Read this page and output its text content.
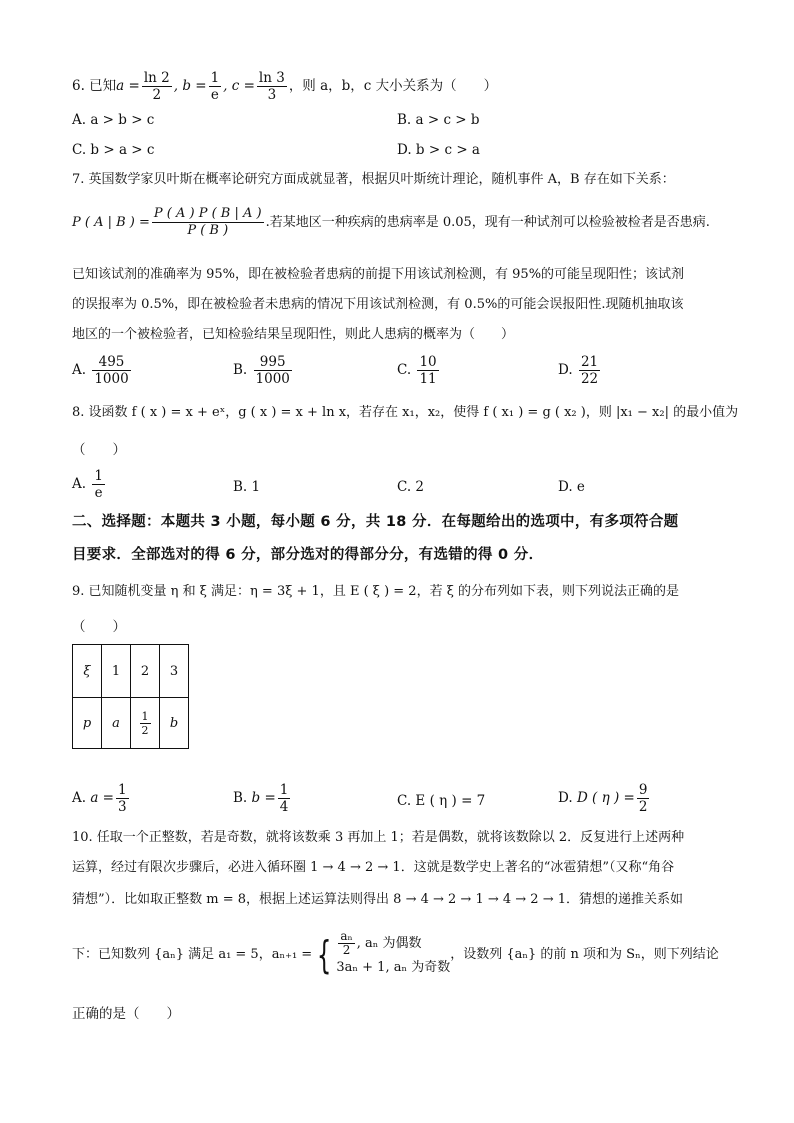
6. 已知$a = \frac{\ln 2}{2}$ , $b = \frac{1}{e}$ , $c = \frac{\ln 3}{3}$ ，则 a，b，c 大小关系为（　　）
A. a > b > c	B. a > c > b
C. b > a > c	D. b > c > a
7. 英国数学家贝叶斯在概率论研究方面成就显著，根据贝叶斯统计理论，随机事件 A，B 存在如下关系：
P ( A | B ) = $\frac{P ( A ) P ( B | A )}{P ( B )}$ .若某地区一种疾病的患病率是 0.05，现有一种试剂可以检验被检者是否患病.
已知该试剂的准确率为 95%，即在被检验者患病的前提下用该试剂检测，有 95%的可能呈现阳性；该试剂
的误报率为 0.5%，即在被检验者未患病的情况下用该试剂检测，有 0.5%的可能会误报阳性.现随机抽取该
地区的一个被检验者，已知检验结果呈现阳性，则此人患病的概率为（　　）
A. $\frac{495}{1000}$	B. $\frac{995}{1000}$	C. $\frac{10}{11}$	D. $\frac{21}{22}$
8. 设函数 f ( x ) = x + eˣ，g ( x ) = x + ln x，若存在 x₁，x₂，使得 f ( x₁ ) = g ( x₂ )，则 |x₁ − x₂| 的最小值为
（　　）
A. $\frac{1}{e}$	B. 1	C. 2	D. e
二、选择题：本题共 3 小题，每小题 6 分，共 18 分．在每题给出的选项中，有多项符合题
目要求．全部选对的得 6 分，部分选对的得部分分，有选错的得 0 分．
9. 已知随机变量 η 和 ξ 满足：η = 3ξ + 1，且 E ( ξ ) = 2，若 ξ 的分布列如下表，则下列说法正确的是
（　　）
ξ	1	2	3
p	a	$\frac{1}{2}$	b
A. $a = \frac{1}{3}$	B. $b = \frac{1}{4}$	C. E ( η ) = 7	D. D ( η ) = $\frac{9}{2}$
10. 任取一个正整数，若是奇数，就将该数乘 3 再加上 1；若是偶数，就将该数除以 2．反复进行上述两种
运算，经过有限次步骤后，必进入循环圈 1 → 4 → 2 → 1．这就是数学史上著名的“冰雹猜想”（又称“角谷
猜想”）．比如取正整数 m = 8，根据上述运算法则得出 8 → 4 → 2 → 1 → 4 → 2 → 1．猜想的递推关系如
下：已知数列 {aₙ} 满足 a₁ = 5，aₙ₊₁ = { $\frac{\text{aₙ}}{2}$ , aₙ 为偶数
3aₙ + 1, aₙ 为奇数
，设数列 {aₙ} 的前 n 项和为 Sₙ，则下列结论
正确的是（　　）
